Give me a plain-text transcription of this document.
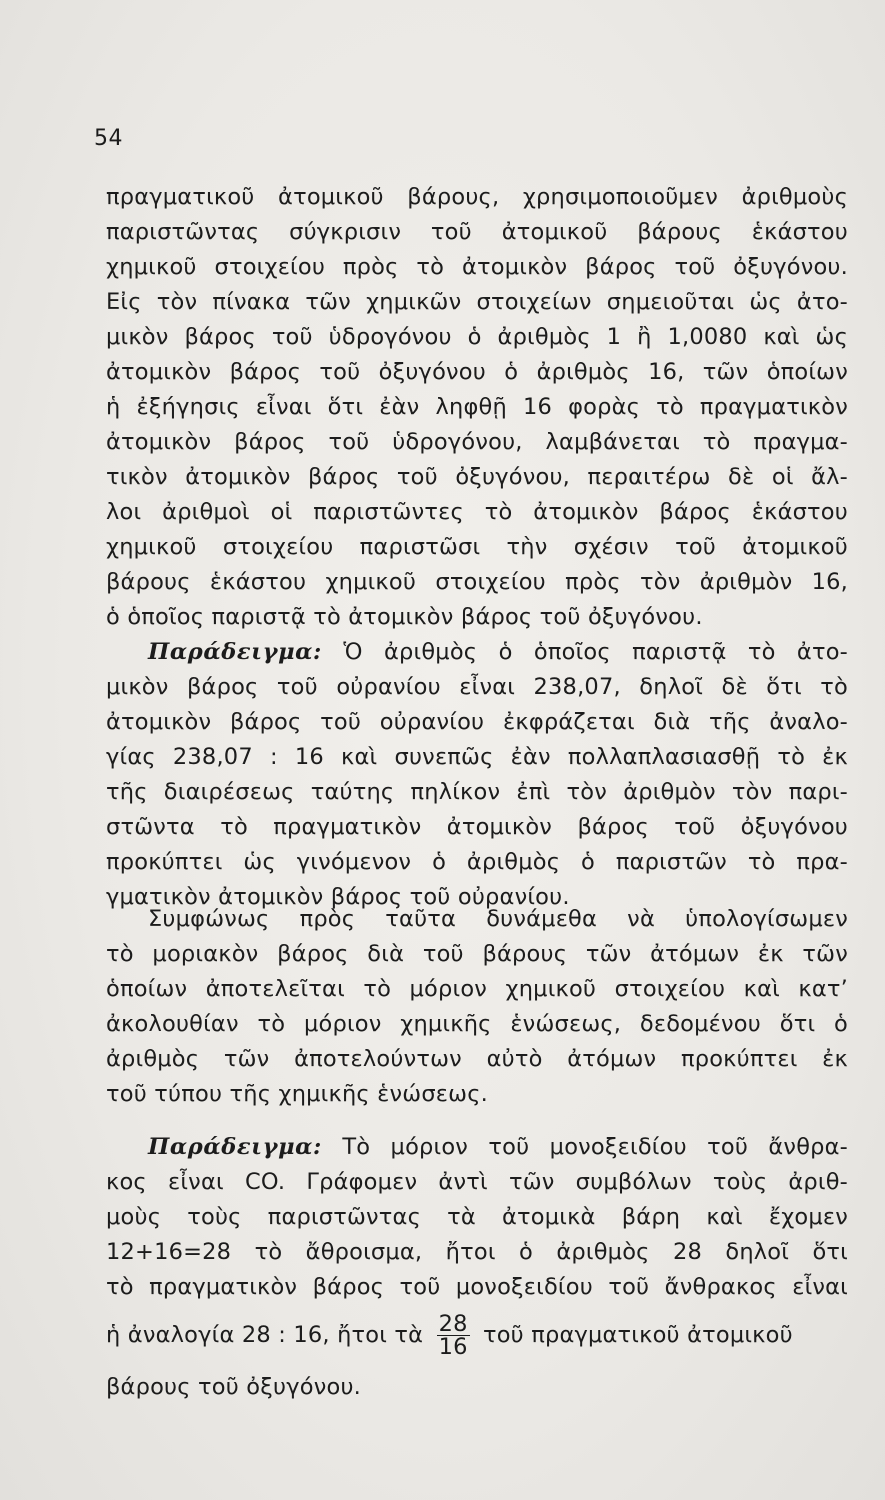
54
πραγματικοῦ ἀτομικοῦ βάρους, χρησιμοποιοῦμεν ἀριθμοὺς
παριστῶντας σύγκρισιν τοῦ ἀτομικοῦ βάρους ἑκάστου
χημικοῦ στοιχείου πρὸς τὸ ἀτομικὸν βάρος τοῦ ὀξυγόνου.
Εἰς τὸν πίνακα τῶν χημικῶν στοιχείων σημειοῦται ὡς ἀτο-
μικὸν βάρος τοῦ ὑδρογόνου ὁ ἀριθμὸς 1 ἢ 1,0080 καὶ ὡς
ἀτομικὸν βάρος τοῦ ὀξυγόνου ὁ ἀριθμὸς 16, τῶν ὁποίων
ἡ ἐξήγησις εἶναι ὅτι ἐὰν ληφθῇ 16 φορὰς τὸ πραγματικὸν
ἀτομικὸν βάρος τοῦ ὑδρογόνου, λαμβάνεται τὸ πραγμα-
τικὸν ἀτομικὸν βάρος τοῦ ὀξυγόνου, περαιτέρω δὲ οἱ ἄλ-
λοι ἀριθμοὶ οἱ παριστῶντες τὸ ἀτομικὸν βάρος ἑκάστου
χημικοῦ στοιχείου παριστῶσι τὴν σχέσιν τοῦ ἀτομικοῦ
βάρους ἑκάστου χημικοῦ στοιχείου πρὸς τὸν ἀριθμὸν 16,
ὁ ὁποῖος παριστᾷ τὸ ἀτομικὸν βάρος τοῦ ὀξυγόνου.
Παράδειγμα: Ὁ ἀριθμὸς ὁ ὁποῖος παριστᾷ τὸ ἀτο-
μικὸν βάρος τοῦ οὐρανίου εἶναι 238,07, δηλοῖ δὲ ὅτι τὸ
ἀτομικὸν βάρος τοῦ οὐρανίου ἐκφράζεται διὰ τῆς ἀναλο-
γίας 238,07 : 16 καὶ συνεπῶς ἐὰν πολλαπλασιασθῇ τὸ ἐκ
τῆς διαιρέσεως ταύτης πηλίκον ἐπὶ τὸν ἀριθμὸν τὸν παρι-
στῶντα τὸ πραγματικὸν ἀτομικὸν βάρος τοῦ ὀξυγόνου
προκύπτει ὡς γινόμενον ὁ ἀριθμὸς ὁ παριστῶν τὸ πρα-
γματικὸν ἀτομικὸν βάρος τοῦ οὐρανίου.
Συμφώνως πρὸς ταῦτα δυνάμεθα νὰ ὑπολογίσωμεν
τὸ μοριακὸν βάρος διὰ τοῦ βάρους τῶν ἀτόμων ἐκ τῶν
ὁποίων ἀποτελεῖται τὸ μόριον χημικοῦ στοιχείου καὶ κατ’
ἀκολουθίαν τὸ μόριον χημικῆς ἑνώσεως, δεδομένου ὅτι ὁ
ἀριθμὸς τῶν ἀποτελούντων αὐτὸ ἀτόμων προκύπτει ἐκ
τοῦ τύπου τῆς χημικῆς ἑνώσεως.
Παράδειγμα: Τὸ μόριον τοῦ μονοξειδίου τοῦ ἄνθρα-
κος εἶναι CO. Γράφομεν ἀντὶ τῶν συμβόλων τοὺς ἀριθ-
μοὺς τοὺς παριστῶντας τὰ ἀτομικὰ βάρη καὶ ἔχομεν
12+16=28 τὸ ἄθροισμα, ἤτοι ὁ ἀριθμὸς 28 δηλοῖ ὅτι
τὸ πραγματικὸν βάρος τοῦ μονοξειδίου τοῦ ἄνθρακος εἶναι
ἡ ἀναλογία 28 : 16, ἤτοι τὰ $\frac{28}{16}$ τοῦ πραγματικοῦ ἀτομικοῦ
βάρους τοῦ ὀξυγόνου.
